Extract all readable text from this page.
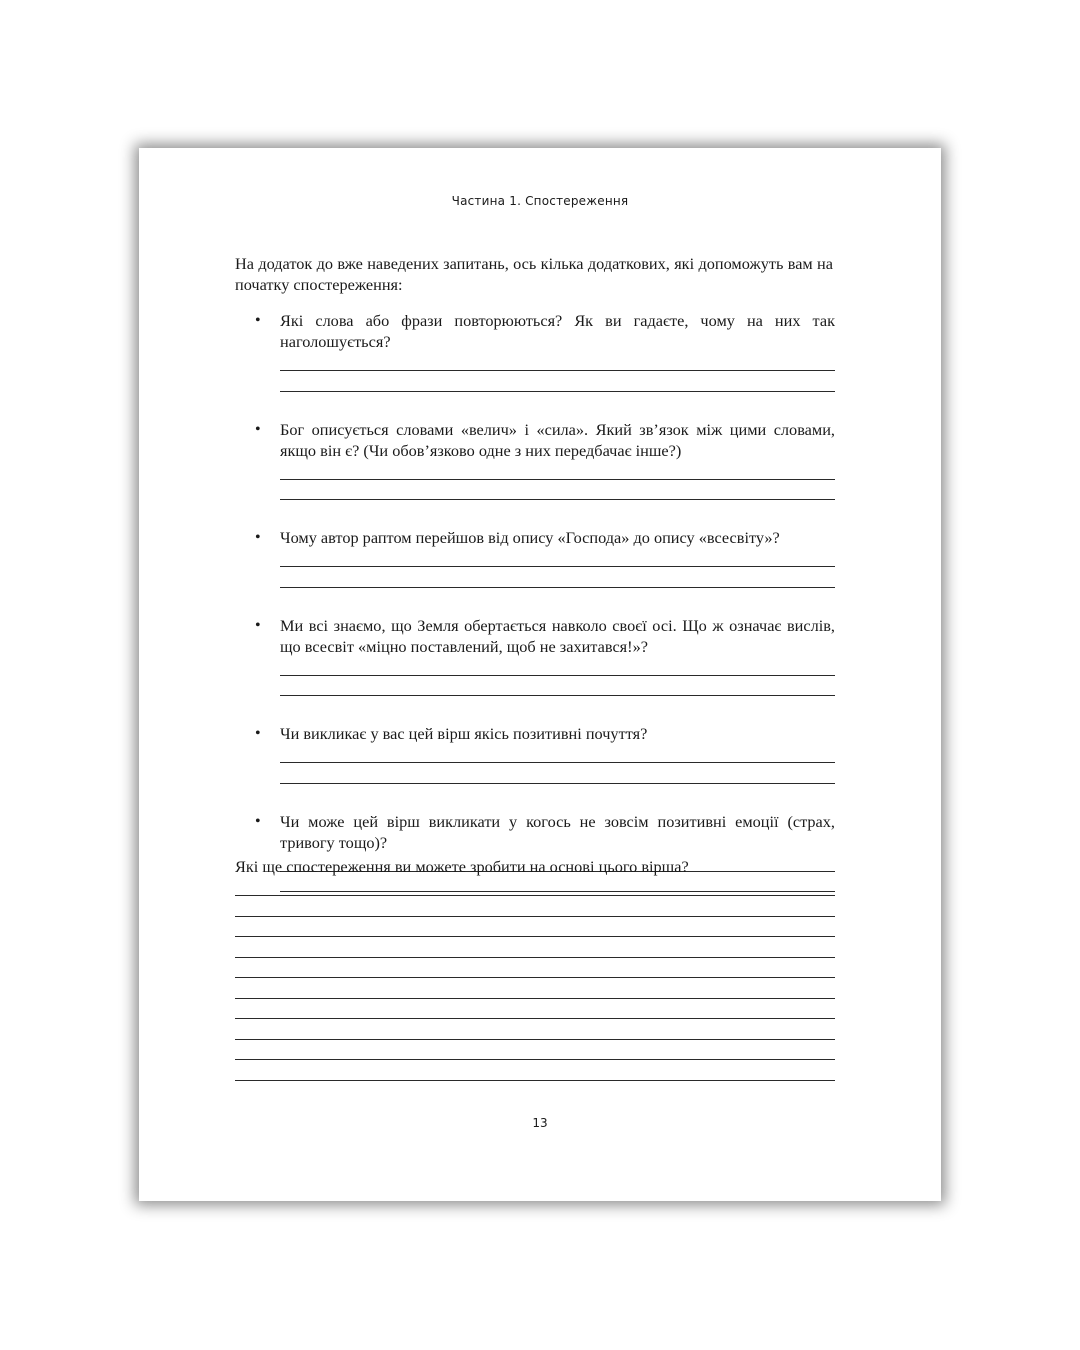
Частина 1. Спостереження

На додаток до вже наведених запитань, ось кілька додаткових, які допоможуть вам на початку спостереження:

• Які слова або фрази повторюються? Як ви гадаєте, чому на них так наголошується?
• Бог описується словами «велич» і «сила». Який зв’язок між цими словами, якщо він є? (Чи обов’язково одне з них передбачає інше?)
• Чому автор раптом перейшов від опису «Господа» до опису «всесвіту»?
• Ми всі знаємо, що Земля обертається навколо своєї осі. Що ж означає вислів, що всесвіт «міцно поставлений, щоб не захитався!»?
• Чи викликає у вас цей вірш якісь позитивні почуття?
• Чи може цей вірш викликати у когось не зовсім позитивні емоції (страх, тривогу тощо)?
Які ще спостереження ви можете зробити на основі цього вірша?
13
